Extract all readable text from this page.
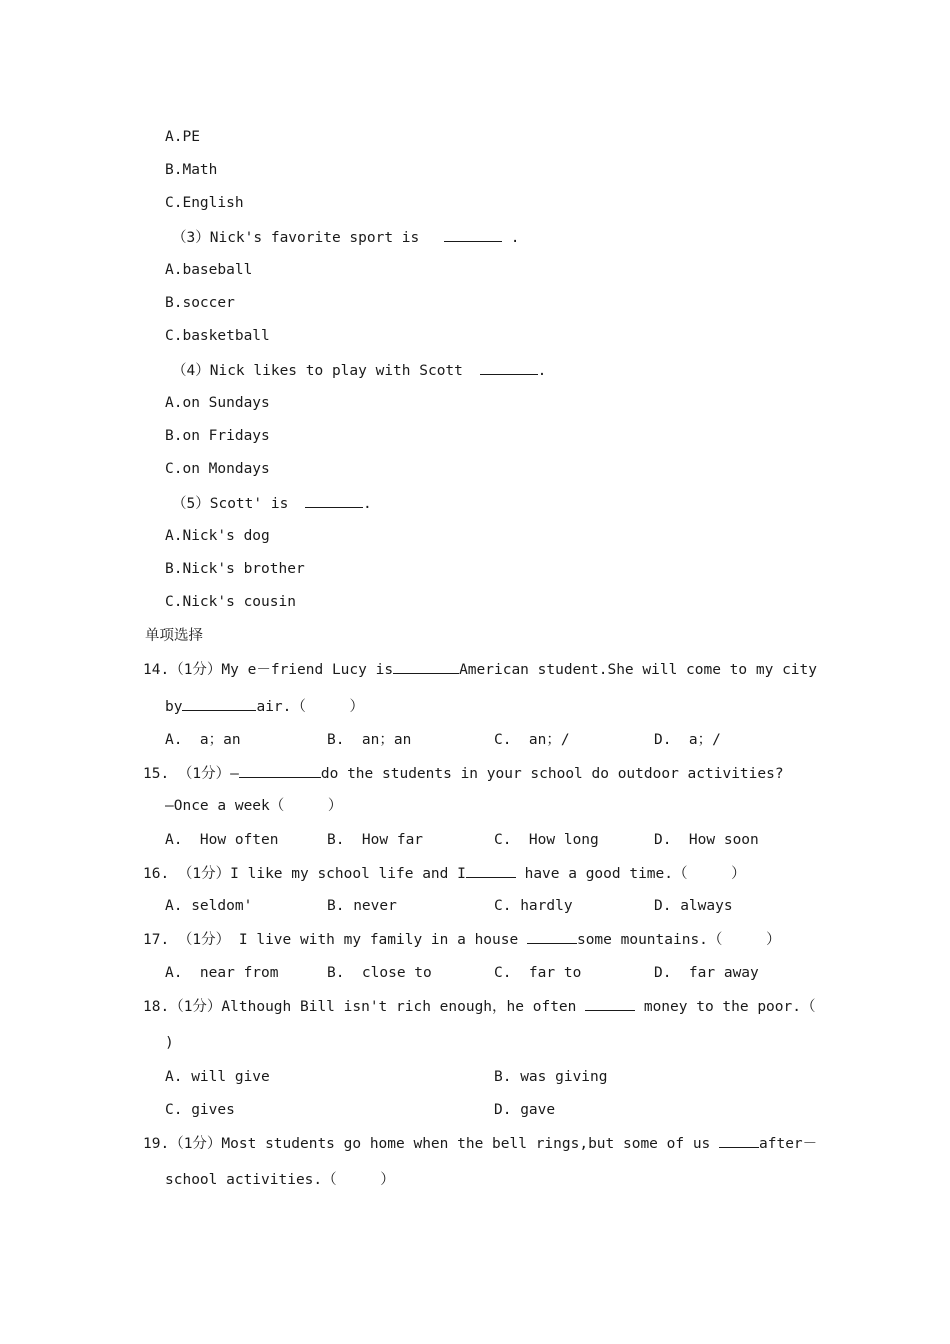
A.PE
B.Math
C.English
（3）Nick's favorite sport is	.
A.baseball
B.soccer
C.basketball
（4）Nick likes to play with Scott	.
A.on Sundays
B.on Fridays
C.on Mondays
（5）Scott' is	.
A.Nick's dog
B.Nick's brother
C.Nick's cousin
单项选择
14.（1分）My e－friend Lucy is	American student.She will come to my city
by	air.（     ）
A.  a；an	B.  an；an	C.  an；/	D.  a；/
15. （1分）—	do the students in your school do outdoor activities?
—Once a week（     ）
A.  How often	B.  How far	C.  How long	D.  How soon
16. （1分）I like my school life and I	have a good time.（     ）
A. seldom'	B. never	C. hardly	D. always
17. （1分） I live with my family in a house	some mountains.（     ）
A.  near from	B.  close to	C.  far to	D.  far away
18.（1分）Although Bill isn't rich enough，he often	money to the poor.（
)
A. will give	B. was giving
C. gives	D. gave
19.（1分）Most students go home when the bell rings,but some of us	after－
school activities.（     ）
